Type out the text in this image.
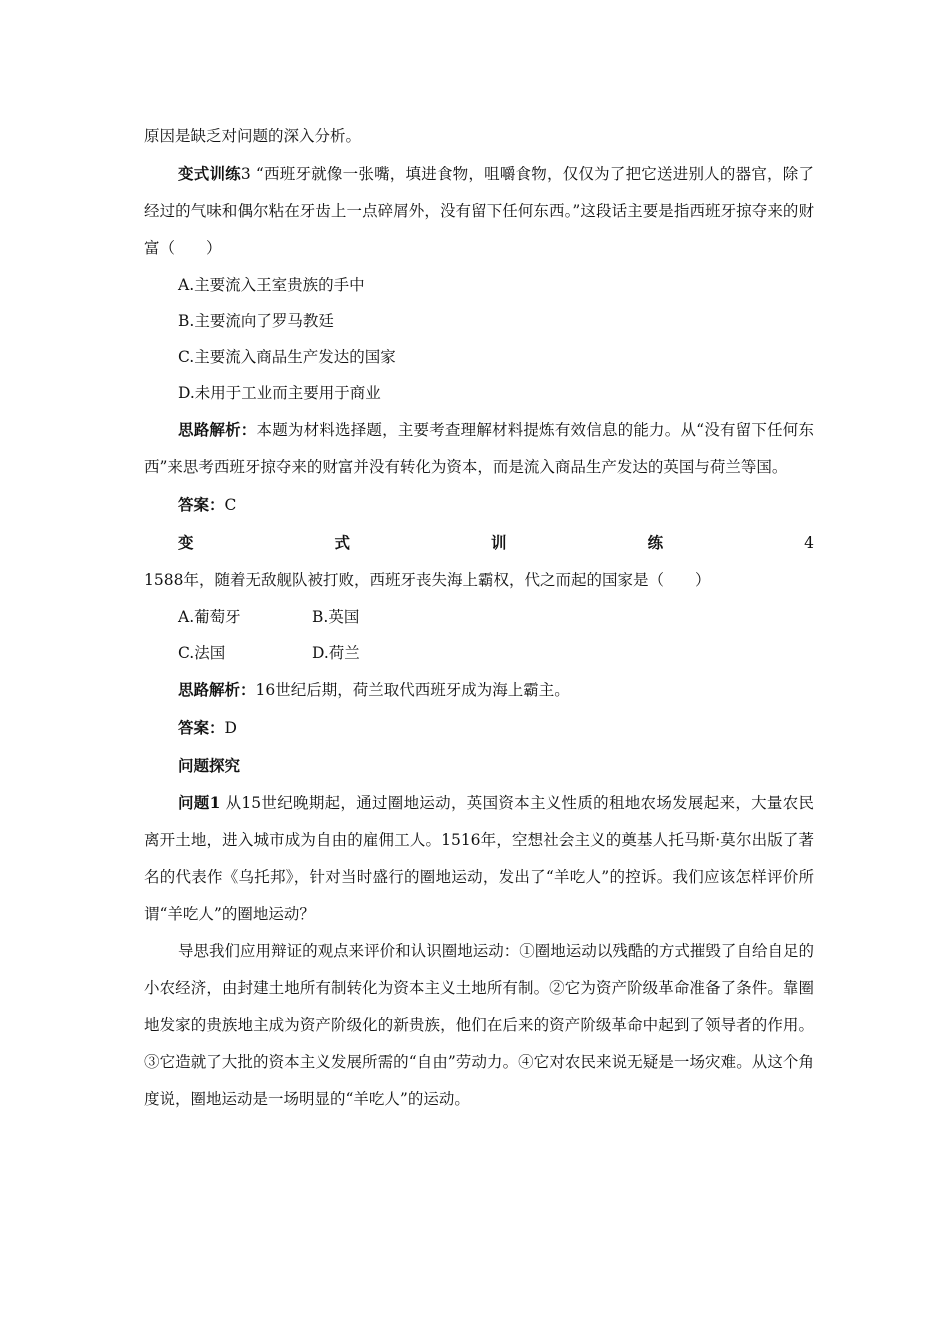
原因是缺乏对问题的深入分析。

变式训练3 “西班牙就像一张嘴，填进食物，咀嚼食物，仅仅为了把它送进别人的器官，除了经过的气味和偶尔粘在牙齿上一点碎屑外，没有留下任何东西。”这段话主要是指西班牙掠夺来的财富（　　）

A.主要流入王室贵族的手中

B.主要流向了罗马教廷

C.主要流入商品生产发达的国家

D.未用于工业而主要用于商业

思路解析：本题为材料选择题，主要考查理解材料提炼有效信息的能力。从“没有留下任何东西”来思考西班牙掠夺来的财富并没有转化为资本，而是流入商品生产发达的英国与荷兰等国。

答案：C

变式训练4 1588年，随着无敌舰队被打败，西班牙丧失海上霸权，代之而起的国家是（　　）

A.葡萄牙	B.英国
C.法国	D.荷兰

思路解析：16世纪后期，荷兰取代西班牙成为海上霸主。

答案：D

问题探究

问题1 从15世纪晚期起，通过圈地运动，英国资本主义性质的租地农场发展起来，大量农民离开土地，进入城市成为自由的雇佣工人。1516年，空想社会主义的奠基人托马斯·莫尔出版了著名的代表作《乌托邦》，针对当时盛行的圈地运动，发出了“羊吃人”的控诉。我们应该怎样评价所谓“羊吃人”的圈地运动？

导思我们应用辩证的观点来评价和认识圈地运动：①圈地运动以残酷的方式摧毁了自给自足的小农经济，由封建土地所有制转化为资本主义土地所有制。②它为资产阶级革命准备了条件。靠圈地发家的贵族地主成为资产阶级化的新贵族，他们在后来的资产阶级革命中起到了领导者的作用。③它造就了大批的资本主义发展所需的“自由”劳动力。④它对农民来说无疑是一场灾难。从这个角度说，圈地运动是一场明显的“羊吃人”的运动。
